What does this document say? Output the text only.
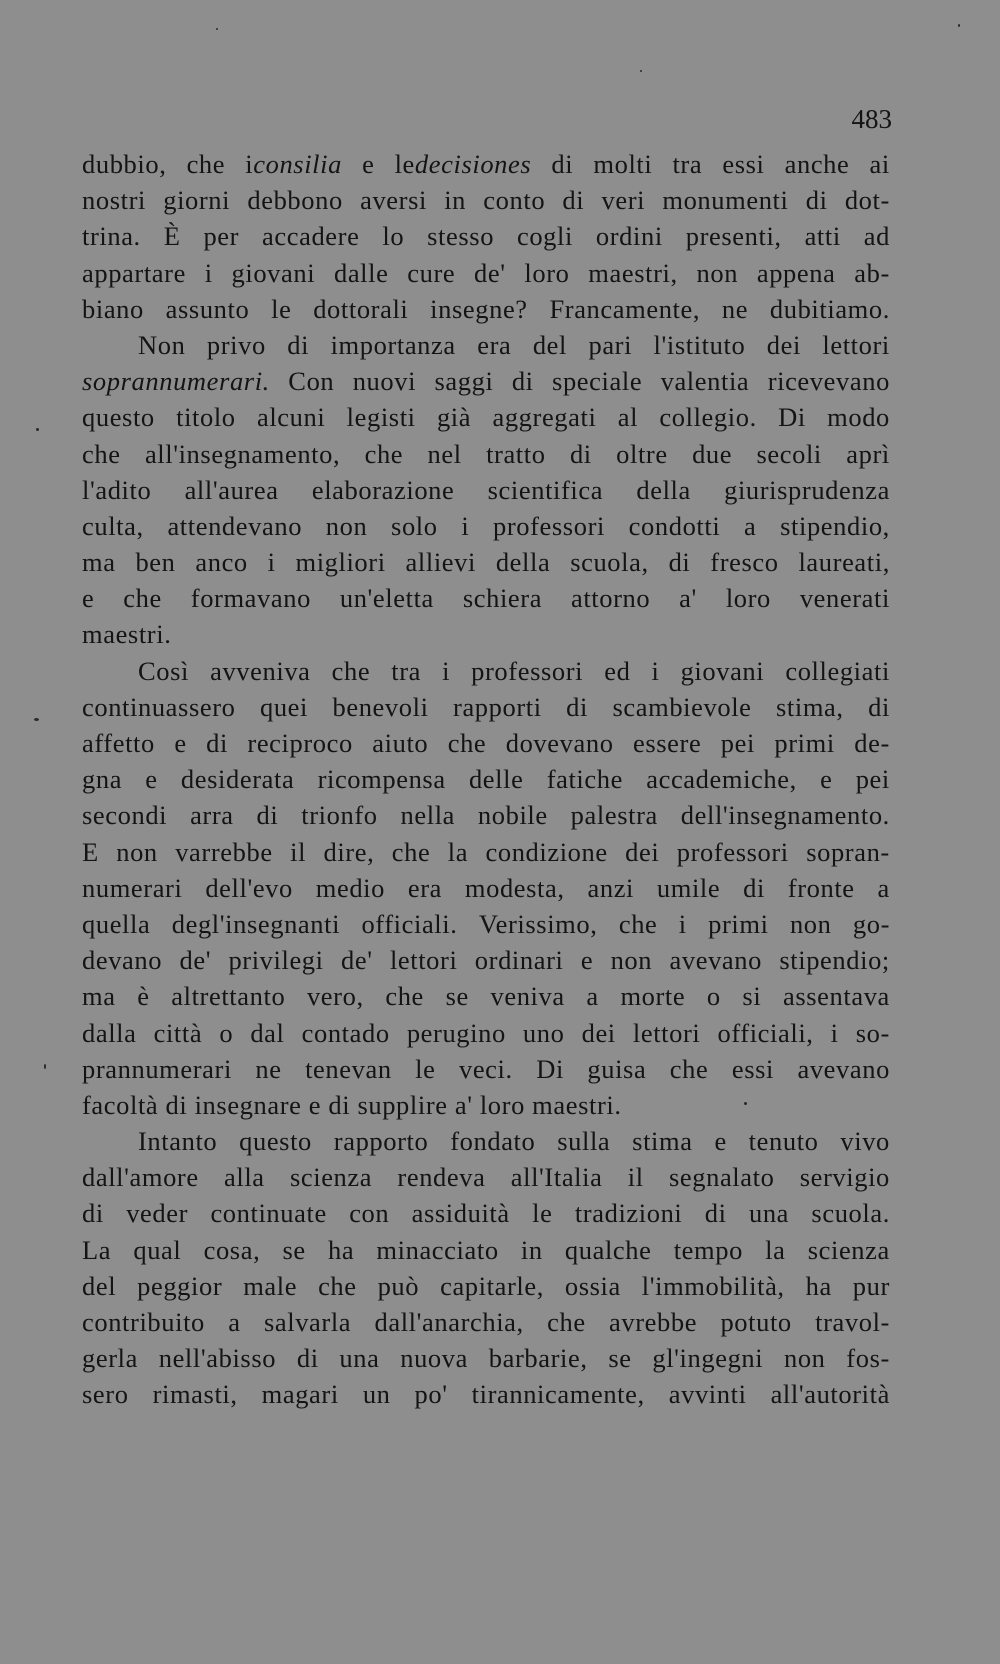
483

dubbio, che iconsilia e ledecisiones di molti tra essi anche ai
nostri giorni debbono aversi in conto di veri monumenti di dot-
trina. È per accadere lo stesso cogli ordini presenti, atti ad
appartare i giovani dalle cure de' loro maestri, non appena ab-
biano assunto le dottorali insegne? Francamente, ne dubitiamo.
Non privo di importanza era del pari l'istituto dei lettori
soprannumerari. Con nuovi saggi di speciale valentia ricevevano
questo titolo alcuni legisti già aggregati al collegio. Di modo
che all'insegnamento, che nel tratto di oltre due secoli aprì
l'adito all'aurea elaborazione scientifica della giurisprudenza
culta, attendevano non solo i professori condotti a stipendio,
ma ben anco i migliori allievi della scuola, di fresco laureati,
e che formavano un'eletta schiera attorno a' loro venerati
maestri.

Così avveniva che tra i professori ed i giovani collegiati
continuassero quei benevoli rapporti di scambievole stima, di
affetto e di reciproco aiuto che dovevano essere pei primi de-
gna e desiderata ricompensa delle fatiche accademiche, e pei
secondi arra di trionfo nella nobile palestra dell'insegnamento.
E non varrebbe il dire, che la condizione dei professori sopran-
numerari dell'evo medio era modesta, anzi umile di fronte a
quella degl'insegnanti officiali. Verissimo, che i primi non go-
devano de' privilegi de' lettori ordinari e non avevano stipendio;
ma è altrettanto vero, che se veniva a morte o si assentava
dalla città o dal contado perugino uno dei lettori officiali, i so-
prannumerari ne tenevan le veci. Di guisa che essi avevano
facoltà
di
insegnare
e
di
supplire
a'
loro
maestri.

Intanto questo rapporto fondato sulla stima e tenuto vivo
dall'amore alla scienza rendeva all'Italia il segnalato servigio
di veder continuate con assiduità le tradizioni di una scuola.
La qual cosa, se ha minacciato in qualche tempo la scienza
del peggior male che può capitarle, ossia l'immobilità, ha pur
contribuito a salvarla dall'anarchia, che avrebbe potuto travol-
gerla nell'abisso di una nuova barbarie, se gl'ingegni non fos-
sero rimasti, magari un po' tirannicamente, avvinti all'autorità
